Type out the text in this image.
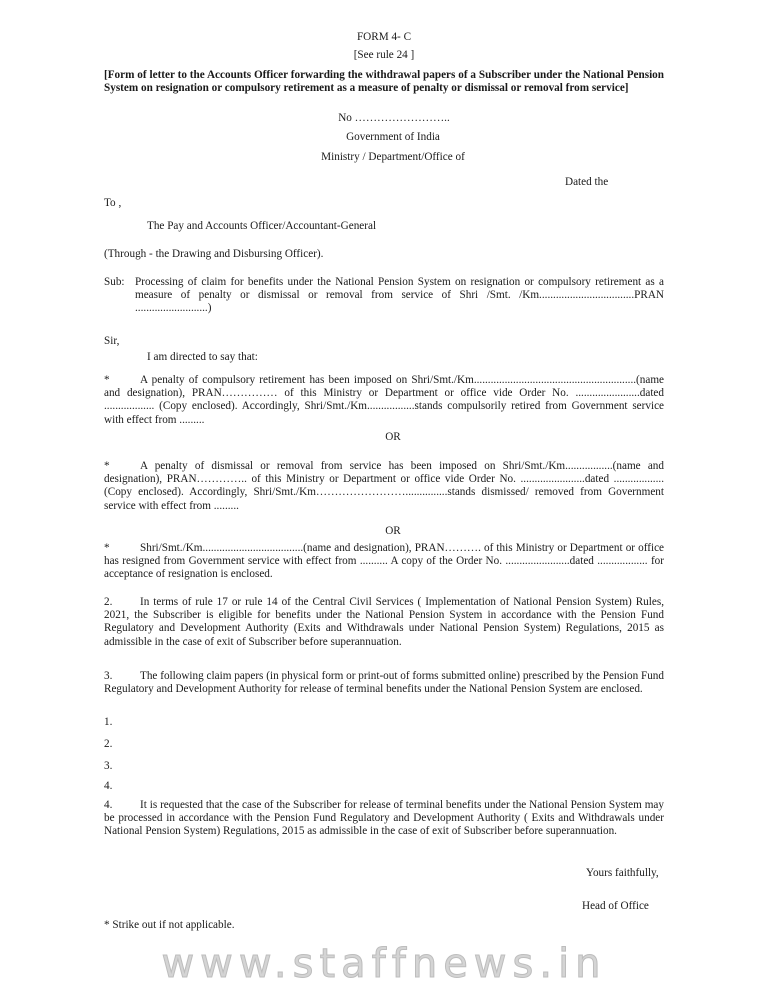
FORM 4- C
[See rule 24 ]
[Form of letter to the Accounts Officer forwarding the withdrawal papers of a Subscriber under the National Pension System on resignation or compulsory retirement as a measure of penalty or dismissal or removal from service]
No ……………………..
Government of India
Ministry / Department/Office of
Dated the
To ,
The Pay and Accounts Officer/Accountant-General
(Through - the Drawing and Disbursing Officer).
Sub: Processing of claim for benefits under the National Pension System on resignation or compulsory retirement as a measure of penalty or dismissal or removal from service of Shri /Smt. /Km..................................PRAN ..........................)
Sir,
I am directed to say that:
*	A penalty of compulsory retirement has been imposed on Shri/Smt./Km..........................................................(name and designation), PRAN…………… of this Ministry or Department or office vide Order No. .......................dated .................. (Copy enclosed). Accordingly, Shri/Smt./Km.................stands compulsorily retired from Government service with effect from .........
OR
*	A penalty of dismissal or removal from service has been imposed on Shri/Smt./Km.................(name and designation), PRAN………….. of this Ministry or Department or office vide Order No. .......................dated ..................(Copy enclosed). Accordingly, Shri/Smt./Km……………………...............stands dismissed/ removed from Government service with effect from .........
OR
*	Shri/Smt./Km....................................(name and designation), PRAN………. of this Ministry or Department or office has resigned from Government service with effect from .......... A copy of the Order No. .......................dated .................. for acceptance of resignation is enclosed.
2. In terms of rule 17 or rule 14 of the Central Civil Services ( Implementation of National Pension System) Rules, 2021, the Subscriber is eligible for benefits under the National Pension System in accordance with the Pension Fund Regulatory and Development Authority (Exits and Withdrawals under National Pension System) Regulations, 2015 as admissible in the case of exit of Subscriber before superannuation.
3. The following claim papers (in physical form or print-out of forms submitted online) prescribed by the Pension Fund Regulatory and Development Authority for release of terminal benefits under the National Pension System are enclosed.
1.
2.
3.
4.
4. It is requested that the case of the Subscriber for release of terminal benefits under the National Pension System may be processed in accordance with the Pension Fund Regulatory and Development Authority ( Exits and Withdrawals under National Pension System) Regulations, 2015 as admissible in the case of exit of Subscriber before superannuation.
Yours faithfully,
Head of Office
* Strike out if not applicable.
www.staffnews.in
